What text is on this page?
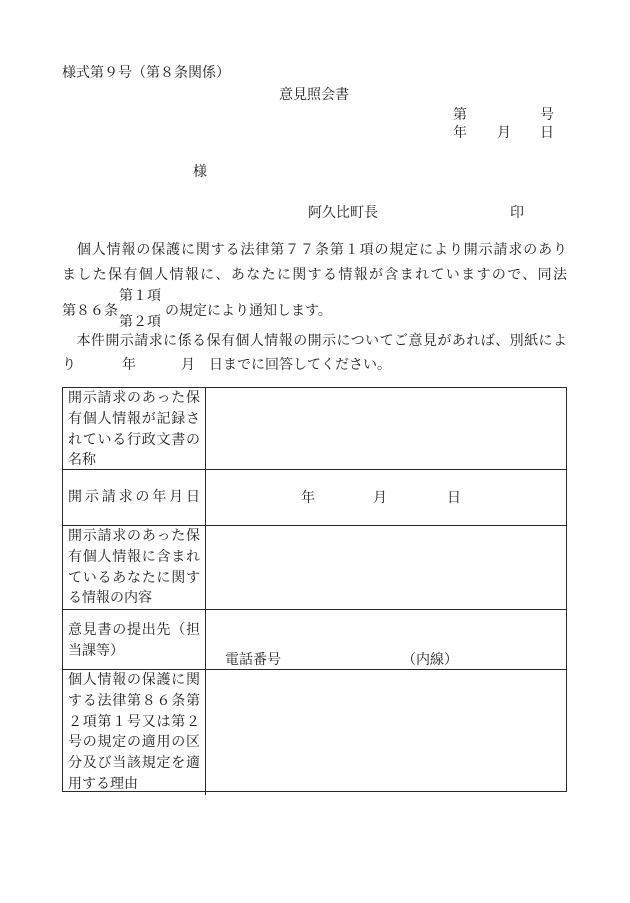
様式第９号（第８条関係）
意見照会書
第	号
年 月 日
様
阿久比町長	印
　個人情報の保護に関する法律第７７条第１項の規定により開示請求のあり
ました保有個人情報に、あなたに関する情報が含まれていますので、同法
第１項
第８６条	の規定により通知します。
第２項
　本件開示請求に係る保有個人情報の開示についてご意見があれば、別紙によ
り	年	月 日までに回答してください。
開示請求のあった保
有個人情報が記録さ
れている行政文書の
名称
開示請求の年月日	年	月	日
開示請求のあった保
有個人情報に含まれ
ているあなたに関す
る情報の内容
意見書の提出先（担
当課等）
電話番号	（内線）
個人情報の保護に関
する法律第８６条第
２項第１号又は第２
号の規定の適用の区
分及び当該規定を適
用する理由
